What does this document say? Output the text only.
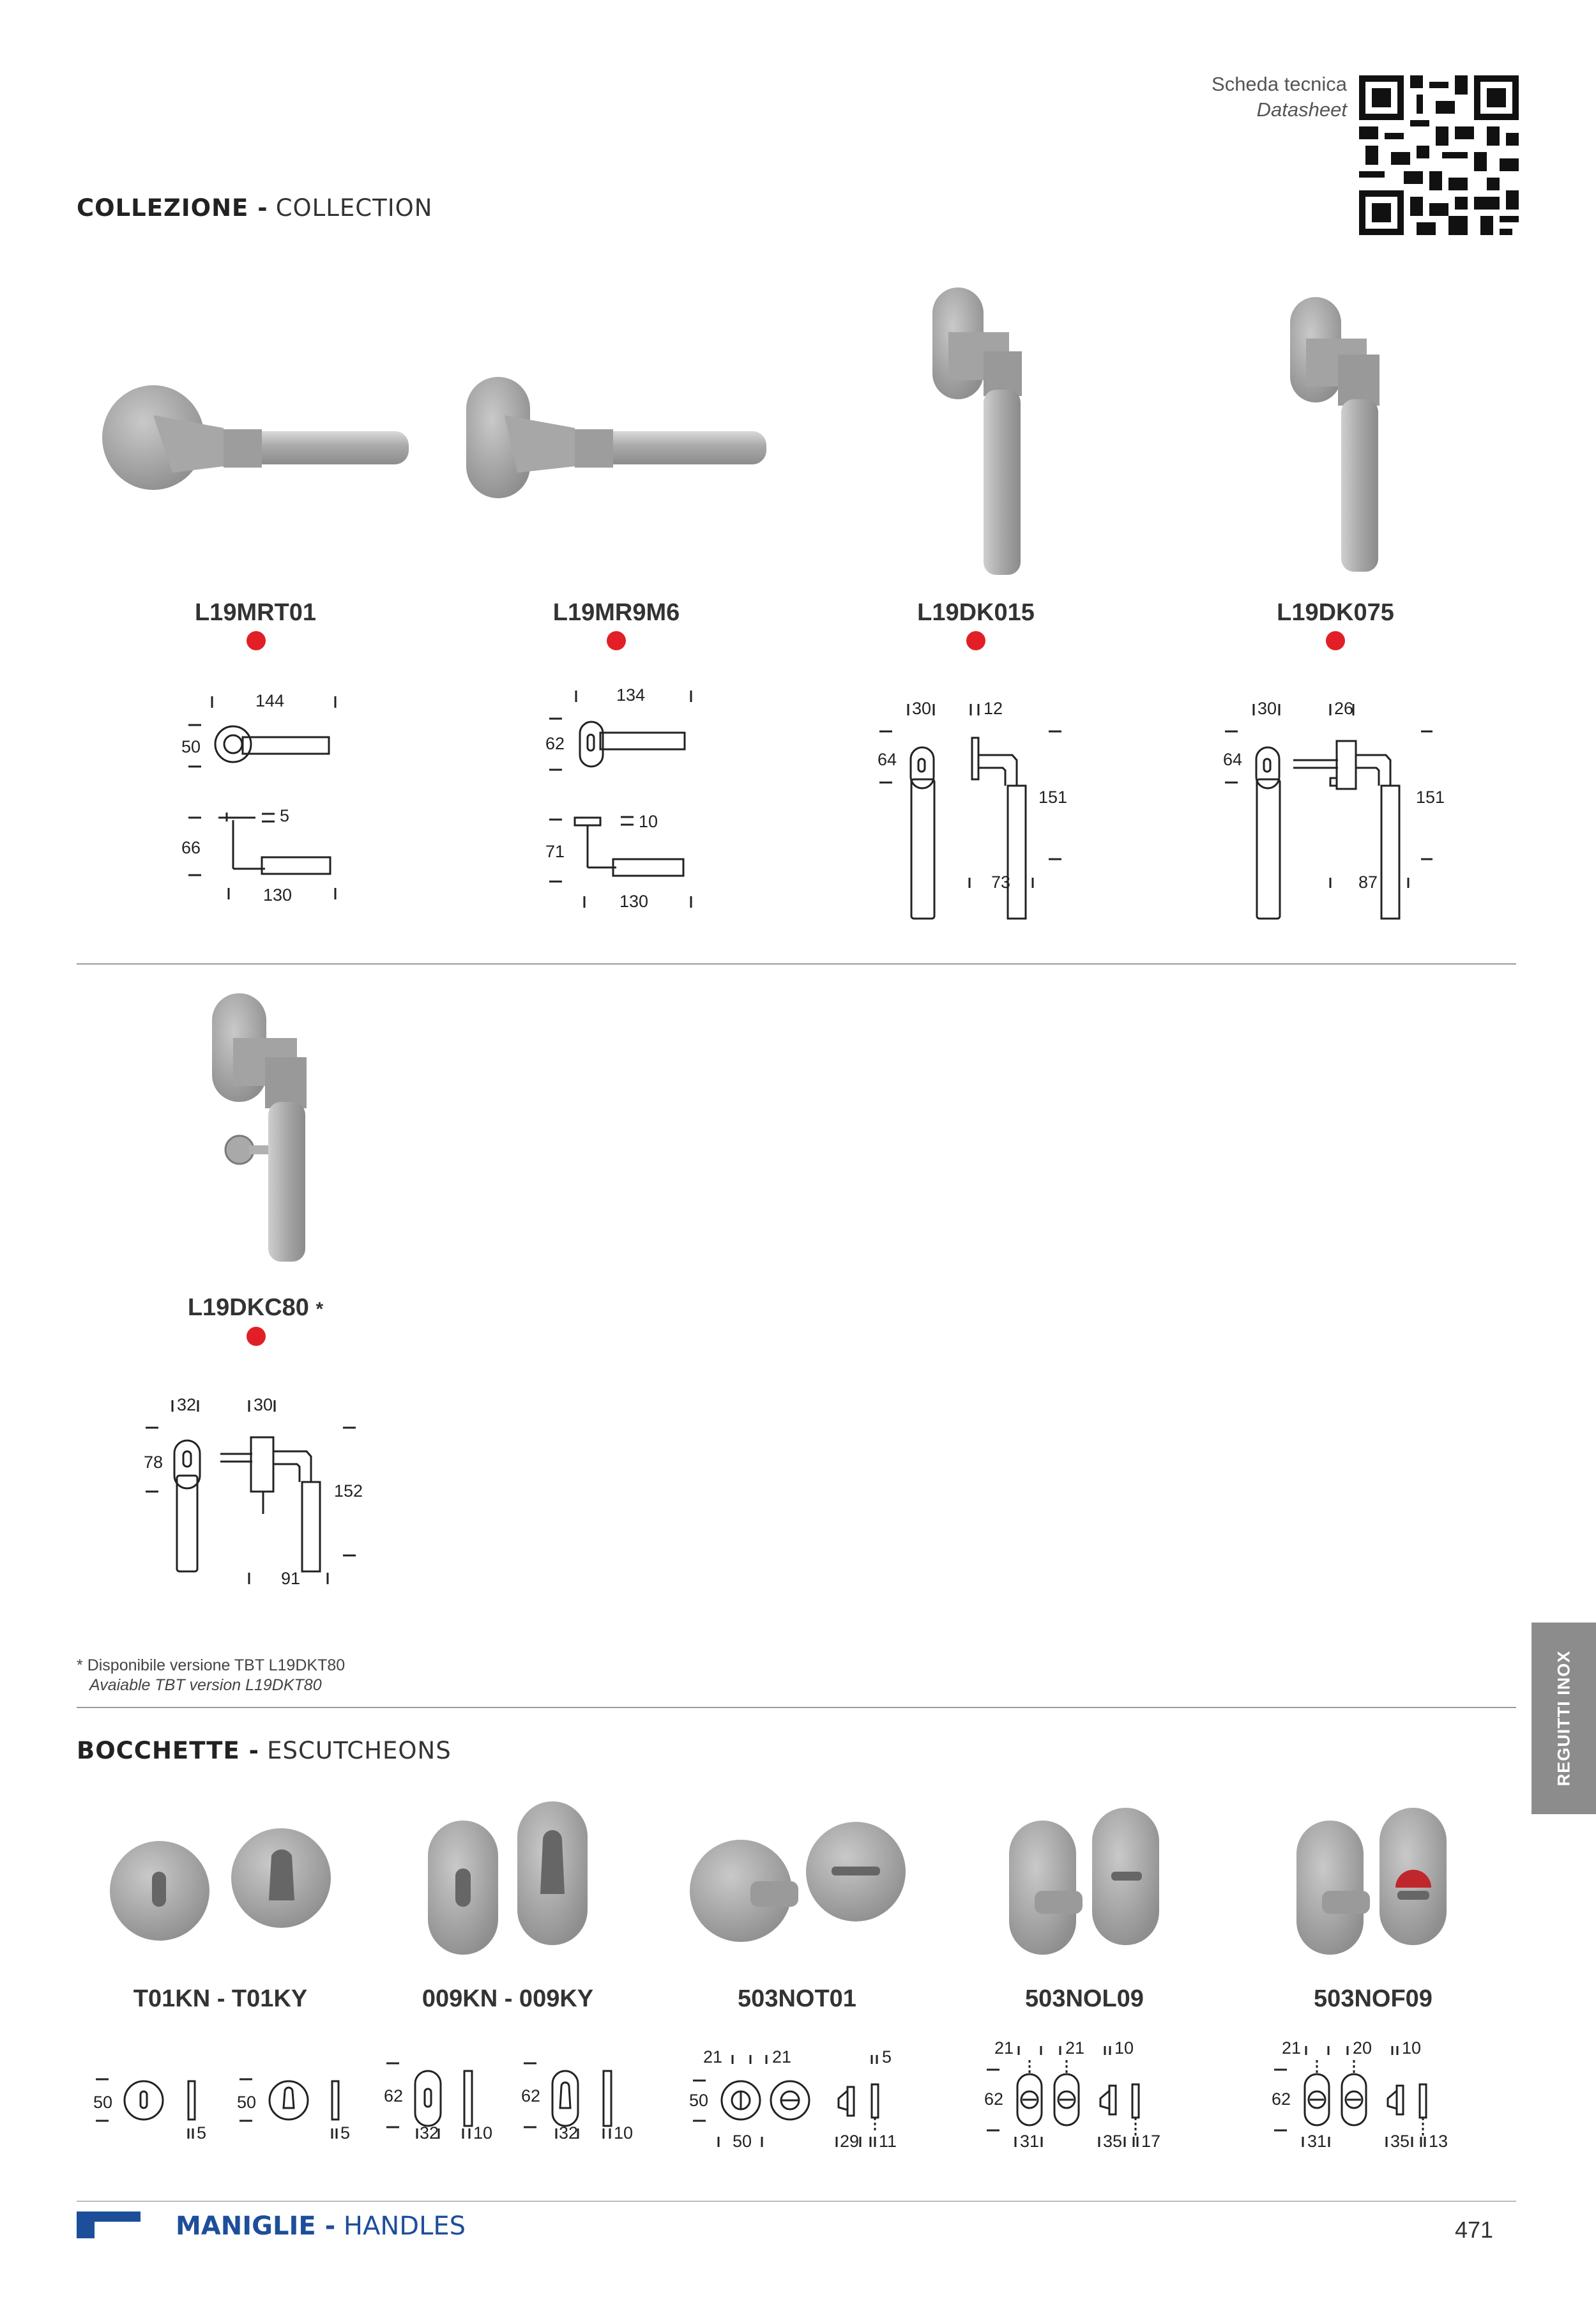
Scheda tecnica
Datasheet
COLLEZIONE - COLLECTION
L19MRT01	L19MR9M6	L19DK015	L19DK075
144
50
5
66
130
134
62
10
71
130
30	12
64
151
73
30	26
64
151
87
L19DKC80 *
32	30
78
152
91
* Disponibile versione TBT L19DKT80
Avaiable TBT version L19DKT80	REGUITTI INOX
BOCCHETTE - ESCUTCHEONS
T01KN - T01KY	009KN - 009KY	503NOT01	503NOL09	503NOF09
50
5
50
5
62
32 10
62
32 10
21	21	5
50
50	29 11
21	21 10
62
31	35 17
21	20 10
62
31	35 13
MANIGLIE - HANDLES	471
